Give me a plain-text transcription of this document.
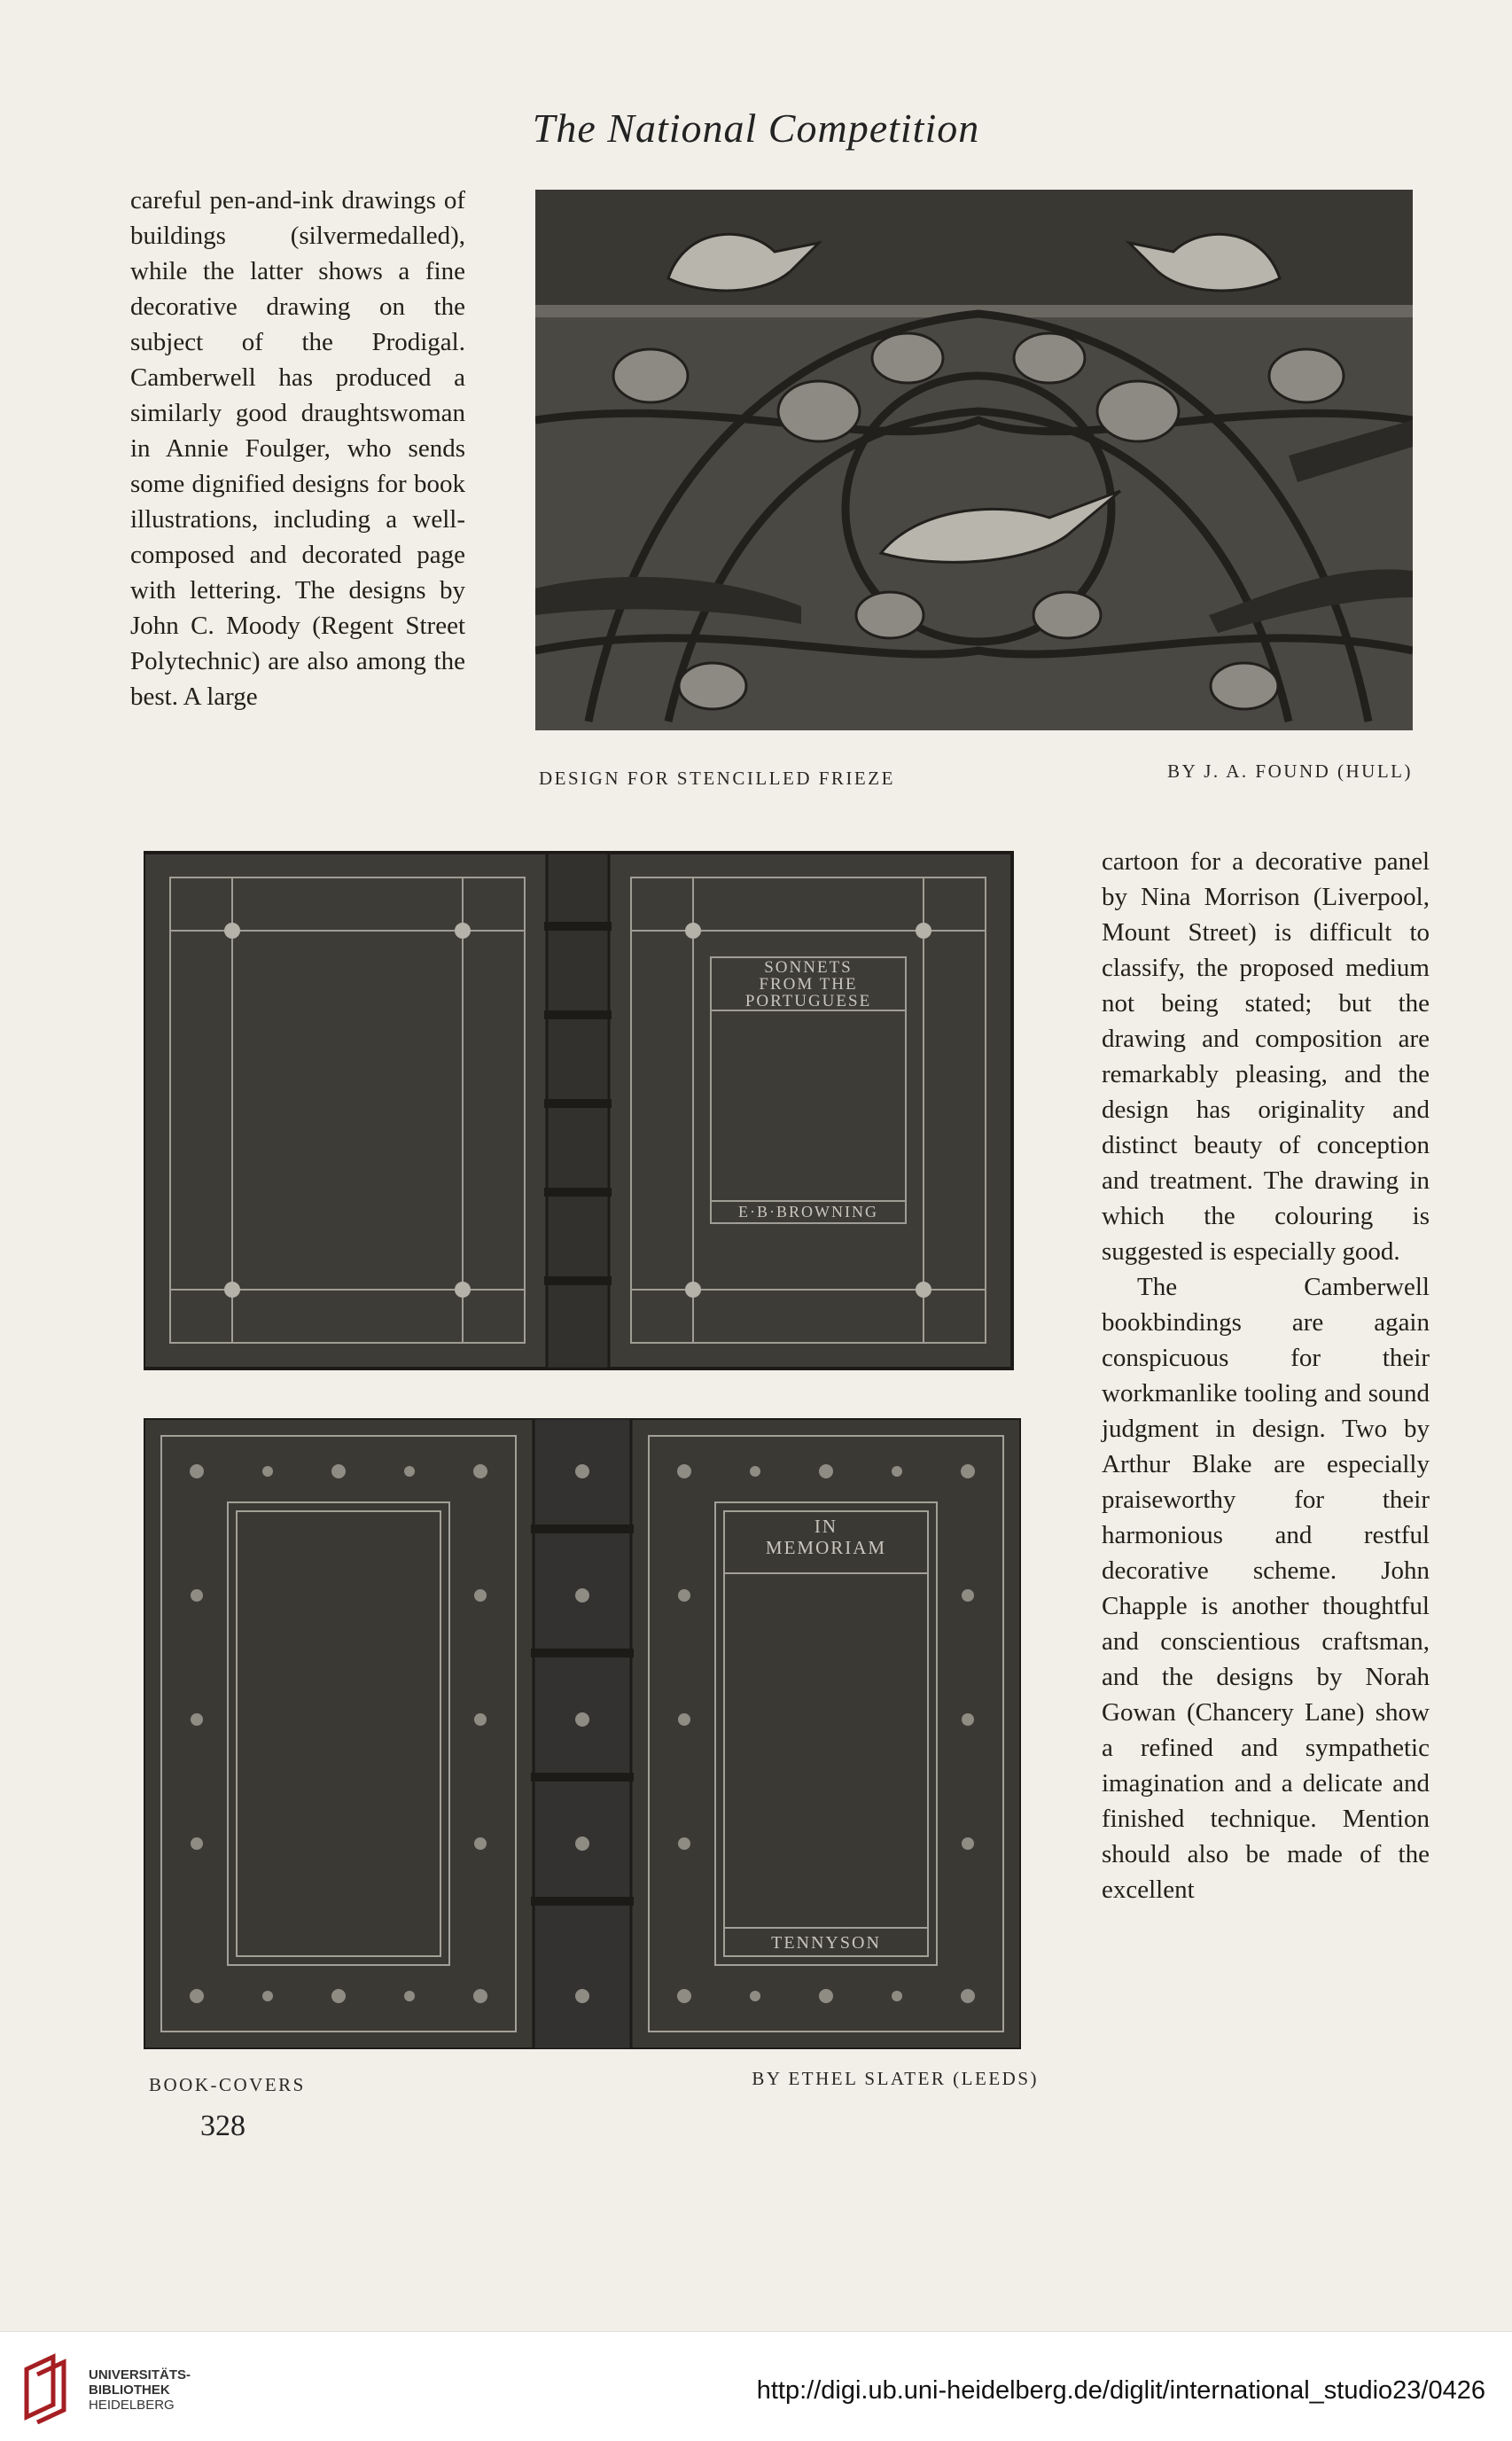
The National Competition

careful pen-and-ink drawings of buildings (silvermedalled), while the latter shows a fine decorative drawing on the subject of the Prodigal. Camberwell has produced a similarly good draughtswoman in Annie Foulger, who sends some dignified designs for book illustrations, including a well-composed and decorated page with lettering. The designs by John C. Moody (Regent Street Polytechnic) are also among the best. A large

DESIGN FOR STENCILLED FRIEZE	BY J. A. FOUND (HULL)
SONNETS
FROM THE
PORTUGUESE
E·B·BROWNING
IN
MEMORIAM
TENNYSON
BOOK-COVERS	BY ETHEL SLATER (LEEDS)
328

cartoon for a decorative panel by Nina Morrison (Liverpool, Mount Street) is difficult to classify, the proposed medium not being stated; but the drawing and composition are remarkably pleasing, and the design has originality and distinct beauty of conception and treatment. The drawing in which the colouring is suggested is especially good.

The Camberwell bookbindings are again conspicuous for their workmanlike tooling and sound judgment in design. Two by Arthur Blake are especially praiseworthy for their harmonious and restful decorative scheme. John Chapple is another thoughtful and conscientious craftsman, and the designs by Norah Gowan (Chancery Lane) show a refined and sympathetic imagination and a delicate and finished technique. Mention should also be made of the excellent

UNIVERSITÄTS-
BIBLIOTHEK
HEIDELBERG
http://digi.ub.uni-heidelberg.de/diglit/international_studio23/0426
